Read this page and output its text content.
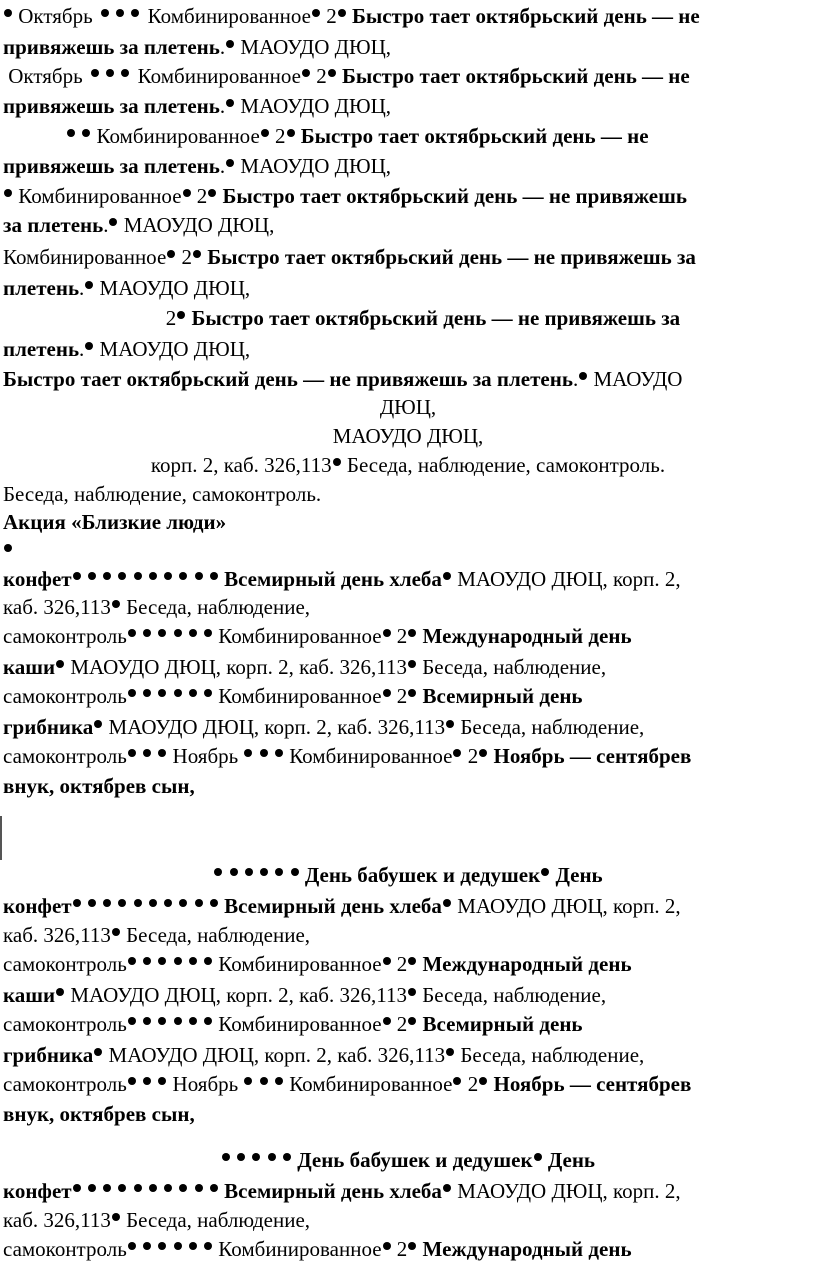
Октябрь    Комбинированное 2 Быстро тает октябрьский день — не
привяжешь за плетень. МАОУДО ДЮЦ,
Октябрь    Комбинированное 2 Быстро тает октябрьский день — не
привяжешь за плетень. МАОУДО ДЮЦ,
Комбинированное 2 Быстро тает октябрьский день — не
привяжешь за плетень. МАОУДО ДЮЦ,
Комбинированное 2 Быстро тает октябрьский день — не привяжешь
за плетень. МАОУДО ДЮЦ,
Комбинированное 2 Быстро тает октябрьский день — не привяжешь за
плетень. МАОУДО ДЮЦ,
2 Быстро тает октябрьский день — не привяжешь за
плетень. МАОУДО ДЮЦ,
Быстро тает октябрьский день — не привяжешь за плетень. МАОУДО
ДЮЦ,
МАОУДО ДЮЦ,
корп. 2, каб. 326,113 Беседа, наблюдение, самоконтроль.
Беседа, наблюдение, самоконтроль.
Акция «Близкие люди»
конфет	Всемирный день хлеба МАОУДО ДЮЦ, корп. 2,
каб. 326,113 Беседа, наблюдение,
самоконтроль	Комбинированное 2 Международный день
каши МАОУДО ДЮЦ, корп. 2, каб. 326,113 Беседа, наблюдение,
самоконтроль	Комбинированное 2 Всемирный день
грибника МАОУДО ДЮЦ, корп. 2, каб. 326,113 Беседа, наблюдение,
самоконтроль   Ноябрь    Комбинированное 2 Ноябрь — сентябрев
внук, октябрев сын,
День бабушек и дедушек День
конфет	Всемирный день хлеба МАОУДО ДЮЦ, корп. 2,
каб. 326,113 Беседа, наблюдение,
самоконтроль	Комбинированное 2 Международный день
каши МАОУДО ДЮЦ, корп. 2, каб. 326,113 Беседа, наблюдение,
самоконтроль	Комбинированное 2 Всемирный день
грибника МАОУДО ДЮЦ, корп. 2, каб. 326,113 Беседа, наблюдение,
самоконтроль   Ноябрь    Комбинированное 2 Ноябрь — сентябрев
внук, октябрев сын,
День бабушек и дедушек День
конфет	Всемирный день хлеба МАОУДО ДЮЦ, корп. 2,
каб. 326,113 Беседа, наблюдение,
самоконтроль	Комбинированное 2 Международный день
